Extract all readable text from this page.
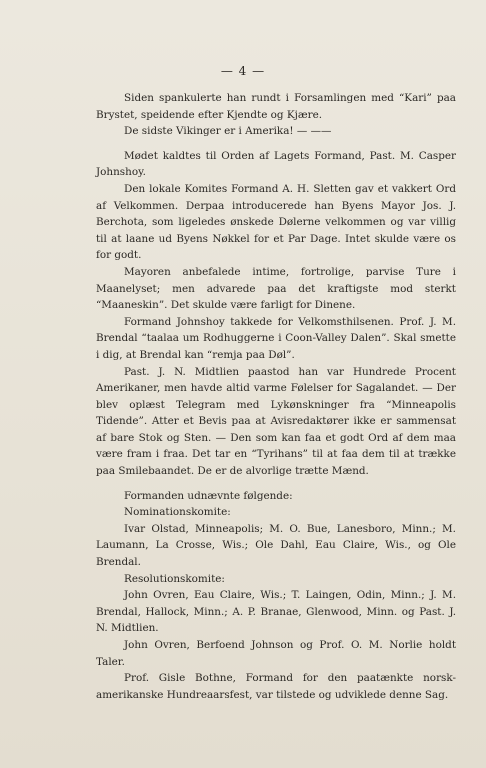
— 4 —

Siden spankulerte han rundt i Forsamlingen med “Kari” paa Brystet, speidende efter Kjendte og Kjære.

De sidste Vikinger er i Amerika! — ——

Mødet kaldtes til Orden af Lagets Formand, Past. M. Casper Johnshoy.

Den lokale Komites Formand A. H. Sletten gav et vakkert Ord af Velkommen. Derpaa introducerede han Byens Mayor Jos. J. Berchota, som ligeledes ønskede Dølerne velkommen og var villig til at laane ud Byens Nøkkel for et Par Dage. Intet skulde være os for godt.

Mayoren anbefalede intime, fortrolige, parvise Ture i Maanelyset; men advarede paa det kraftigste mod sterkt “Maaneskin”. Det skulde være farligt for Dinene.

Formand Johnshoy takkede for Velkomsthilsenen. Prof. J. M. Brendal “taalaa um Rodhuggerne i Coon-Valley Dalen”. Skal smette i dig, at Brendal kan “remja paa Døl”.

Past. J. N. Midtlien paastod han var Hundrede Procent Amerikaner, men havde altid varme Følelser for Sagalandet. — Der blev oplæst Telegram med Lykønskninger fra “Minneapolis Tidende”. Atter et Bevis paa at Avisredaktører ikke er sammensat af bare Stok og Sten. — Den som kan faa et godt Ord af dem maa være fram i fraa. Det tar en “Tyrihans” til at faa dem til at trække paa Smilebaandet. De er de alvorlige trætte Mænd.

Formanden udnævnte følgende:

Nominationskomite:

Ivar Olstad, Minneapolis; M. O. Bue, Lanesboro, Minn.; M. Laumann, La Crosse, Wis.; Ole Dahl, Eau Claire, Wis., og Ole Brendal.

Resolutionskomite:

John Ovren, Eau Claire, Wis.; T. Laingen, Odin, Minn.; J. M. Brendal, Hallock, Minn.; A. P. Branae, Glenwood, Minn. og Past. J. N. Midtlien.

John Ovren, Berfoend Johnson og Prof. O. M. Norlie holdt Taler.

Prof. Gisle Bothne, Formand for den paatænkte norsk-amerikanske Hundreaarsfest, var tilstede og udviklede denne Sag.
